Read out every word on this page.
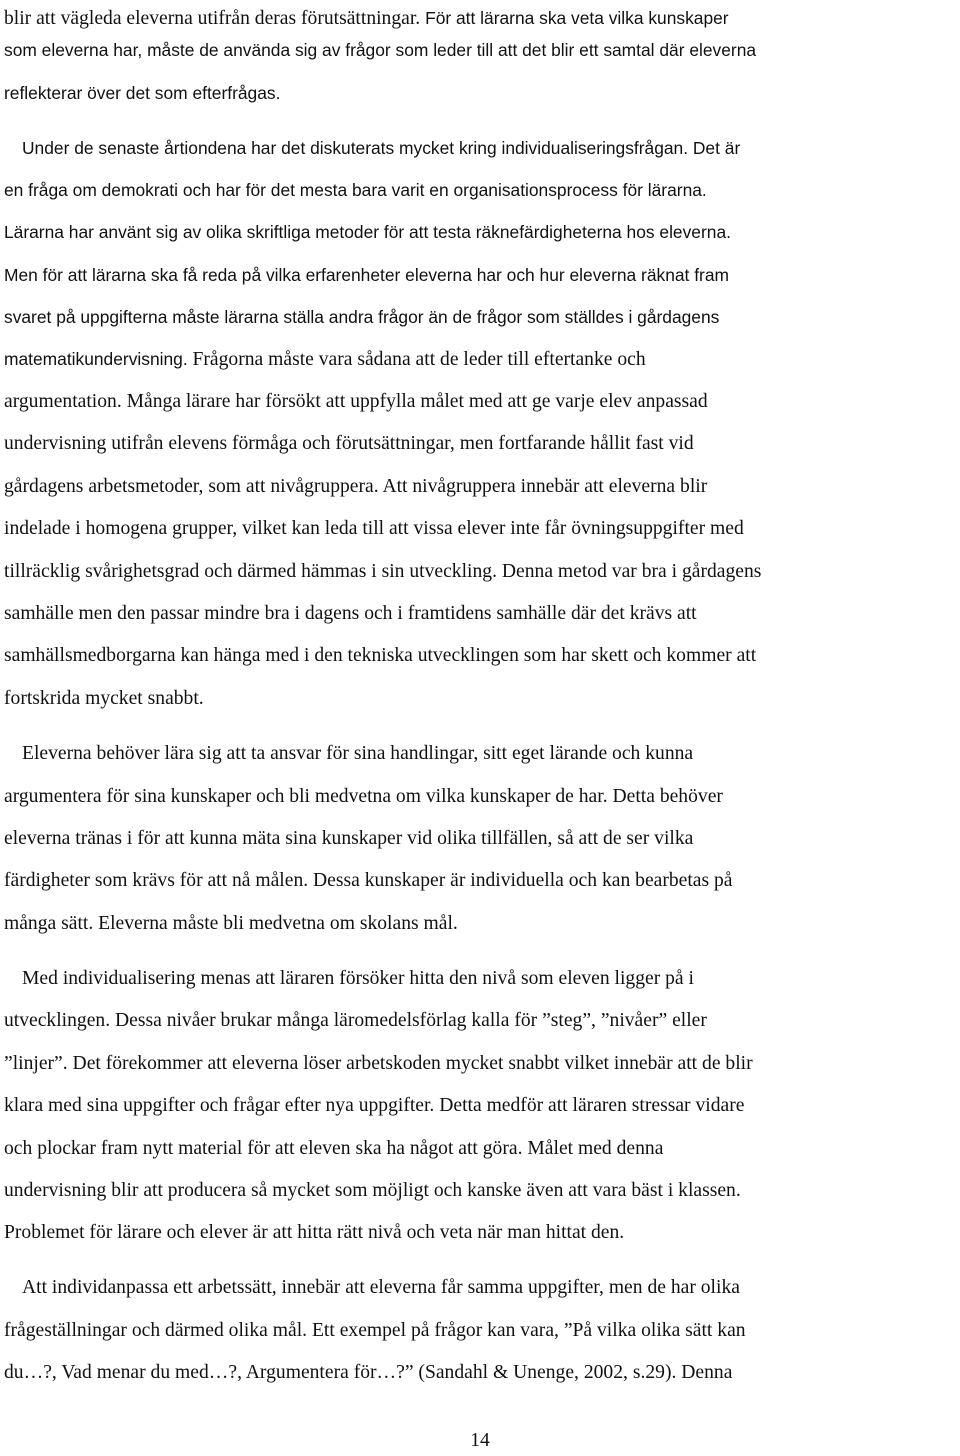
14
blir att vägleda eleverna utifrån deras förutsättningar. För att lärarna ska veta vilka kunskaper
som eleverna har, måste de använda sig av frågor som leder till att det blir ett samtal där eleverna
reflekterar över det som efterfrågas.
Under de senaste årtiondena har det diskuterats mycket kring individualiseringsfrågan. Det är
en fråga om demokrati och har för det mesta bara varit en organisationsprocess för lärarna.
Lärarna har använt sig av olika skriftliga metoder för att testa räknefärdigheterna hos eleverna.
Men för att lärarna ska få reda på vilka erfarenheter eleverna har och hur eleverna räknat fram
svaret på uppgifterna måste lärarna ställa andra frågor än de frågor som ställdes i gårdagens
matematikundervisning. Frågorna måste vara sådana att de leder till eftertanke och
argumentation. Många lärare har försökt att uppfylla målet med att ge varje elev anpassad
undervisning utifrån elevens förmåga och förutsättningar, men fortfarande hållit fast vid
gårdagens arbetsmetoder, som att nivågruppera. Att nivågruppera innebär att eleverna blir
indelade i homogena grupper, vilket kan leda till att vissa elever inte får övningsuppgifter med
tillräcklig svårighetsgrad och därmed hämmas i sin utveckling. Denna metod var bra i gårdagens
samhälle men den passar mindre bra i dagens och i framtidens samhälle där det krävs att
samhällsmedborgarna kan hänga med i den tekniska utvecklingen som har skett och kommer att
fortskrida mycket snabbt.
Eleverna behöver lära sig att ta ansvar för sina handlingar, sitt eget lärande och kunna
argumentera för sina kunskaper och bli medvetna om vilka kunskaper de har. Detta behöver
eleverna tränas i för att kunna mäta sina kunskaper vid olika tillfällen, så att de ser vilka
färdigheter som krävs för att nå målen. Dessa kunskaper är individuella och kan bearbetas på
många sätt. Eleverna måste bli medvetna om skolans mål.
Med individualisering menas att läraren försöker hitta den nivå som eleven ligger på i
utvecklingen. Dessa nivåer brukar många läromedelsförlag kalla för ”steg”, ”nivåer” eller
”linjer”. Det förekommer att eleverna löser arbetskoden mycket snabbt vilket innebär att de blir
klara med sina uppgifter och frågar efter nya uppgifter. Detta medför att läraren stressar vidare
och plockar fram nytt material för att eleven ska ha något att göra. Målet med denna
undervisning blir att producera så mycket som möjligt och kanske även att vara bäst i klassen.
Problemet för lärare och elever är att hitta rätt nivå och veta när man hittat den.
Att individanpassa ett arbetssätt, innebär att eleverna får samma uppgifter, men de har olika
frågeställningar och därmed olika mål. Ett exempel på frågor kan vara, ”På vilka olika sätt kan
du…?, Vad menar du med…?, Argumentera för…?” (Sandahl & Unenge, 2002, s.29). Denna
